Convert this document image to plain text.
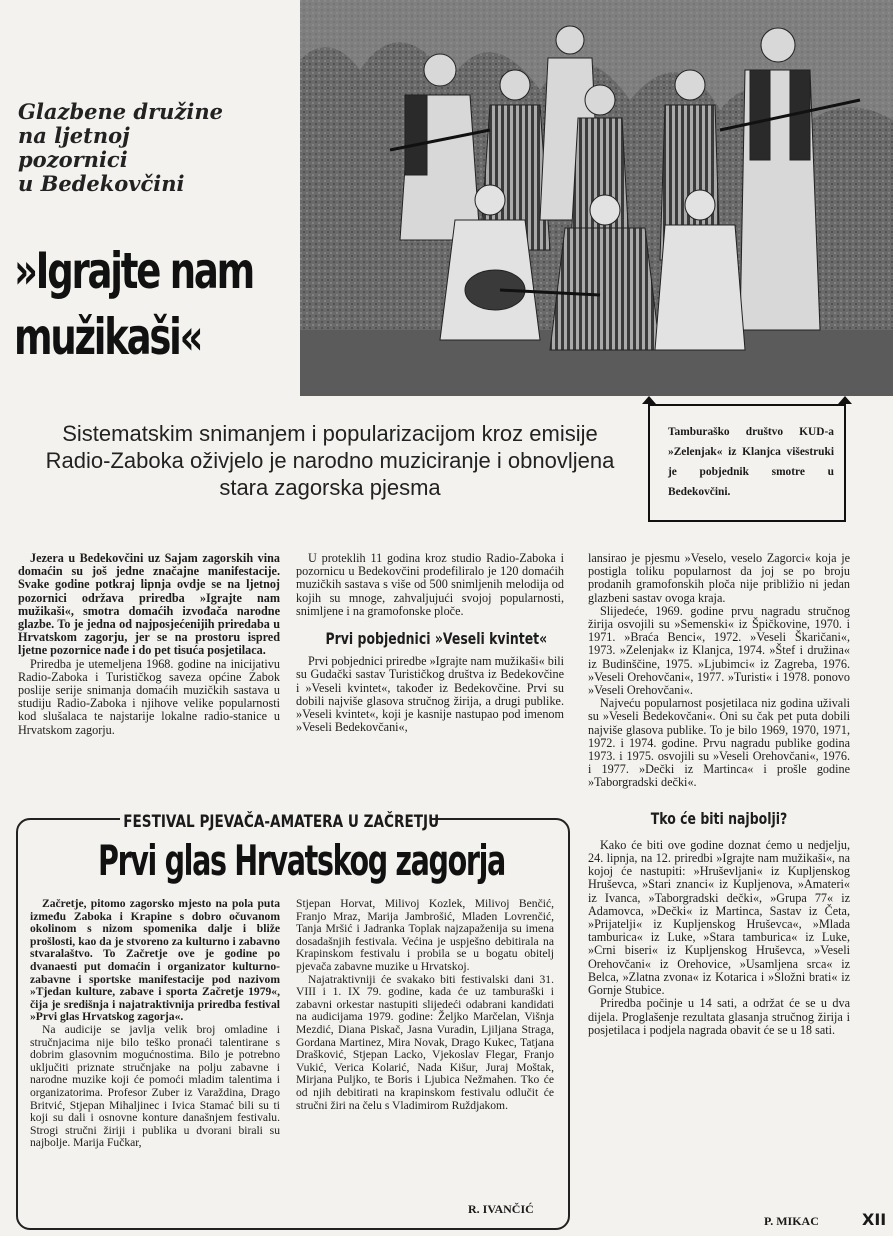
Glazbene družine
na ljetnoj
pozornici
u Bedekovčini
»Igrajte nam
mužikaši«
Tamburaško društvo KUD-a »Zelenjak« iz Klanjca višestruki je pobjednik smotre u Bedekovčini.
Sistematskim snimanjem i popularizacijom kroz emisije Radio-Zaboka oživjelo je narodno muziciranje i obnovljena stara zagorska pjesma

Jezera u Bedekovčini uz Sajam zagorskih vina domaćin su još jedne značajne manifestacije. Svake godine potkraj lipnja ovdje se na ljetnoj pozornici održava priredba »Igrajte nam mužikaši«, smotra domaćih izvođača narodne glazbe. To je jedna od najposjećenijih priredaba u Hrvatskom zagorju, jer se na prostoru ispred ljetne pozornice nađe i do pet tisuća posjetilaca.

Priredba je utemeljena 1968. godine na inicijativu Radio-Zaboka i Turističkog saveza općine Zabok poslije serije snimanja domaćih muzičkih sastava u studiju Radio-Zaboka i njihove velike popularnosti kod slušalaca te najstarije lokalne radio-stanice u Hrvatskom zagorju.

U proteklih 11 godina kroz studio Radio-Zaboka i pozornicu u Bedekovčini prodefiliralo je 120 domaćih muzičkih sastava s više od 500 snimljenih melodija od kojih su mnoge, zahvaljujući svojoj popularnosti, snimljene i na gramofonske ploče.

Prvi pobjednici »Veseli kvintet«

Prvi pobjednici priredbe »Igrajte nam mužikaši« bili su Gudački sastav Turističkog društva iz Bedekovčine i »Veseli kvintet«, također iz Bedekovčine. Prvi su dobili najviše glasova stručnog žirija, a drugi publike. »Veseli kvintet«, koji je kasnije nastupao pod imenom »Veseli Bedekovčani«,

lansirao je pjesmu »Veselo, veselo Zagorci« koja je postigla toliku popularnost da joj se po broju prodanih gramofonskih ploča nije približio ni jedan glazbeni sastav ovoga kraja.

Slijedeće, 1969. godine prvu nagradu stručnog žirija osvojili su »Semenski« iz Špičkovine, 1970. i 1971. »Braća Benci«, 1972. »Veseli Škaričani«, 1973. »Zelenjak« iz Klanjca, 1974. »Štef i družina« iz Budinščine, 1975. »Ljubimci« iz Zagreba, 1976. »Veseli Orehovčani«, 1977. »Turisti« i 1978. ponovo »Veseli Orehovčani«.

Najveću popularnost posjetilaca niz godina uživali su »Veseli Bedekovčani«. Oni su čak pet puta dobili najviše glasova publike. To je bilo 1969, 1970, 1971, 1972. i 1974. godine. Prvu nagradu publike godina 1973. i 1975. osvojili su »Veseli Orehovčani«, 1976. i 1977. »Dečki iz Martinca« i prošle godine »Taborgradski dečki«.

Tko će biti najbolji?

Kako će biti ove godine doznat ćemo u nedjelju, 24. lipnja, na 12. priredbi »Igrajte nam mužikaši«, na kojoj će nastupiti: »Hruševljani« iz Kupljenskog Hruševca, »Stari znanci« iz Kupljenova, »Amateri« iz Ivanca, »Taborgradski dečki«, »Grupa 77« iz Adamovca, »Dečki« iz Martinca, Sastav iz Četa, »Prijatelji« iz Kupljenskog Hruševca«, »Mlada tamburica« iz Luke, »Stara tamburica« iz Luke, »Crni biseri« iz Kupljenskog Hruševca, »Veseli Orehovčani« iz Orehovice, »Usamljena srca« iz Belca, »Zlatna zvona« iz Kotarica i »Složni brati« iz Gornje Stubice.

Priredba počinje u 14 sati, a održat će se u dva dijela. Proglašenje rezultata glasanja stručnog žirija i posjetilaca i podjela nagrada obavit će se u 18 sati.

FESTIVAL PJEVAČA-AMATERA U ZAČRETJU
Prvi glas Hrvatskog zagorja

Začretje, pitomo zagorsko mjesto na pola puta između Zaboka i Krapine s dobro očuvanom okolinom s nizom spomenika dalje i bliže prošlosti, kao da je stvoreno za kulturno i zabavno stvaralaštvo. To Začretje ove je godine po dvanaesti put domaćin i organizator kulturno-zabavne i sportske manifestacije pod nazivom »Tjedan kulture, zabave i sporta Začretje 1979«, čija je središnja i najatraktivnija priredba festival »Prvi glas Hrvatskog zagorja«.

Na audicije se javlja velik broj omladine i stručnjacima nije bilo teško pronaći talentirane s dobrim glasovnim mogućnostima. Bilo je potrebno uključiti priznate stručnjake na polju zabavne i narodne muzike koji će pomoći mladim talentima i organizatorima. Profesor Zuber iz Varaždina, Drago Britvić, Stjepan Mihaljinec i Ivica Stamać bili su ti koji su dali i osnovne konture današnjem festivalu. Strogi stručni žiriji i publika u dvorani birali su najbolje. Marija Fučkar,

Stjepan Horvat, Milivoj Kozlek, Milivoj Benčić, Franjo Mraz, Marija Jambrošić, Mladen Lovrenčić, Tanja Mršić i Jadranka Toplak najzapaženija su imena dosadašnjih festivala. Većina je uspješno debitirala na Krapinskom festivalu i probila se u bogatu obitelj pjevača zabavne muzike u Hrvatskoj.

Najatraktivniji će svakako biti festivalski dani 31. VIII i 1. IX 79. godine, kada će uz tamburaški i zabavni orkestar nastupiti slijedeći odabrani kandidati na audicijama 1979. godine: Željko Marčelan, Višnja Mezdić, Diana Piskač, Jasna Vuradin, Ljiljana Straga, Gordana Martinez, Mira Novak, Drago Kukec, Tatjana Drašković, Stjepan Lacko, Vjekoslav Flegar, Franjo Vukić, Verica Kolarić, Nada Kišur, Juraj Moštak, Mirjana Puljko, te Boris i Ljubica Nežmahen. Tko će od njih debitirati na krapinskom festivalu odlučit će stručni žiri na čelu s Vladimirom Ruždjakom.

R. IVANČIĆ
P. MIKAC	XII
